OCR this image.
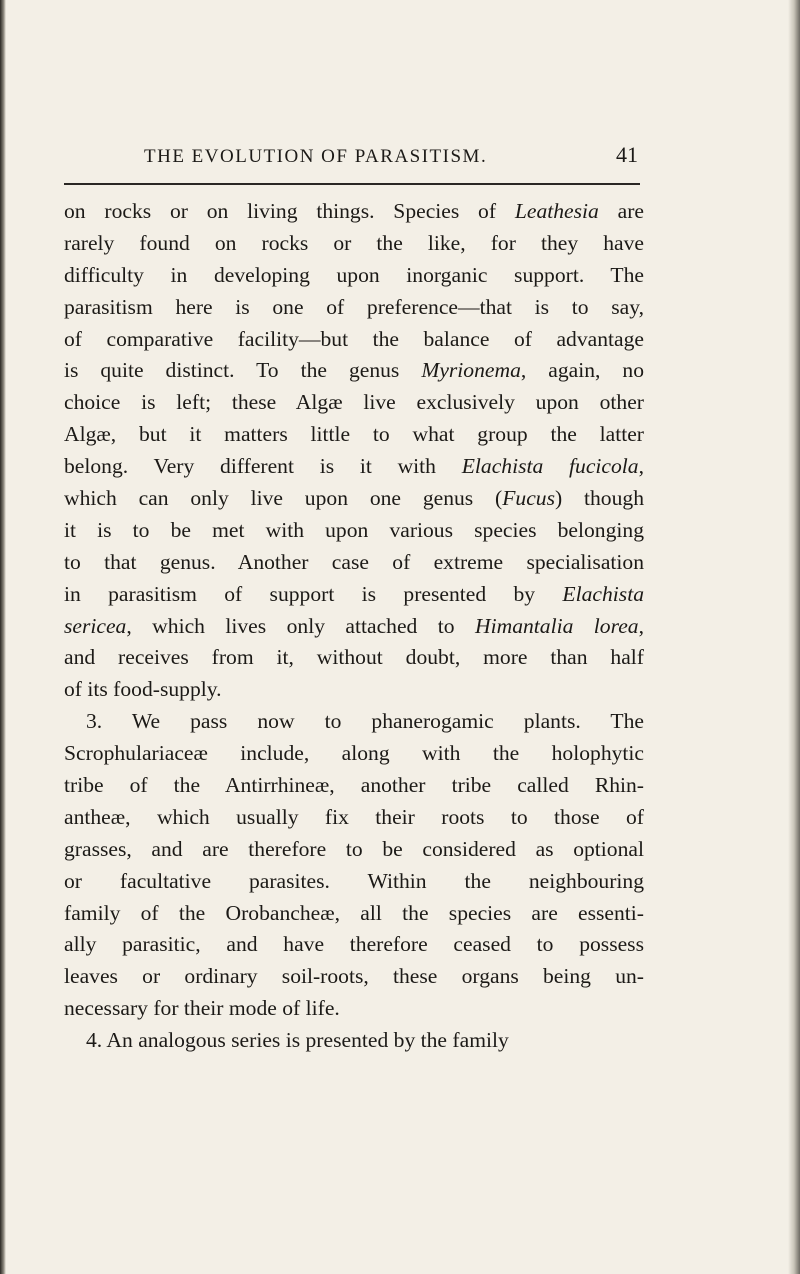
THE EVOLUTION OF PARASITISM.	41
on rocks or on living things. Species of Leathesia are
rarely found on rocks or the like, for they have
difficulty in developing upon inorganic support. The
parasitism here is one of preference—that is to say,
of comparative facility—but the balance of advantage
is quite distinct. To the genus Myrionema, again, no
choice is left; these Algæ live exclusively upon other
Algæ, but it matters little to what group the latter
belong. Very different is it with Elachista fucicola,
which can only live upon one genus (Fucus) though
it is to be met with upon various species belonging
to that genus. Another case of extreme specialisation
in parasitism of support is presented by Elachista
sericea, which lives only attached to Himantalia lorea,
and receives from it, without doubt, more than half
of its food-supply.
3. We pass now to phanerogamic plants. The
Scrophulariaceæ include, along with the holophytic
tribe of the Antirrhineæ, another tribe called Rhin-
antheæ, which usually fix their roots to those of
grasses, and are therefore to be considered as optional
or facultative parasites. Within the neighbouring
family of the Orobancheæ, all the species are essenti-
ally parasitic, and have therefore ceased to possess
leaves or ordinary soil-roots, these organs being un-
necessary for their mode of life.
4. An analogous series is presented by the family
